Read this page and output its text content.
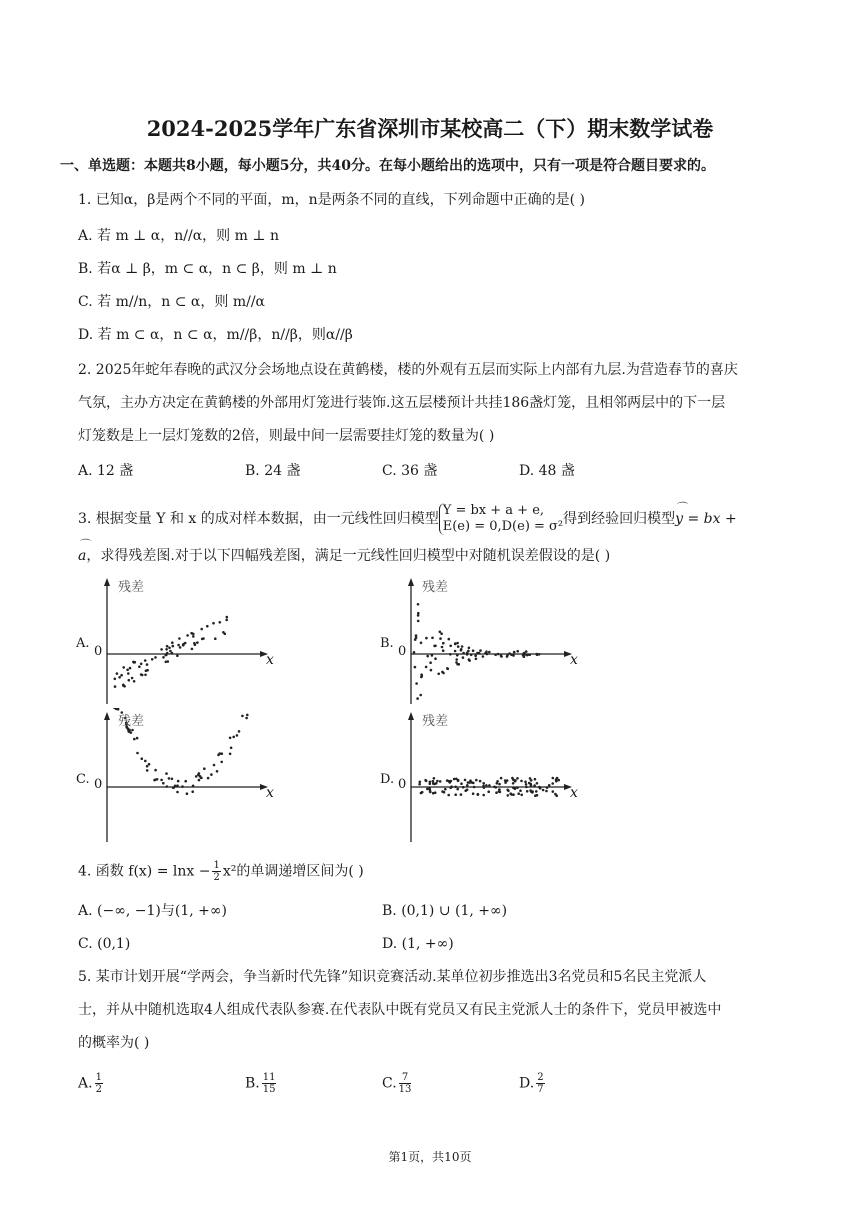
2024-2025学年广东省深圳市某校高二（下）期末数学试卷
一、单选题：本题共8小题，每小题5分，共40分。在每小题给出的选项中，只有一项是符合题目要求的。
1. 已知α，β是两个不同的平面，m，n是两条不同的直线，下列命题中正确的是( )
A. 若 m ⊥ α，n//α，则 m ⊥ n
B. 若α ⊥ β，m ⊂ α，n ⊂ β，则 m ⊥ n
C. 若 m//n，n ⊂ α，则 m//α
D. 若 m ⊂ α，n ⊂ α，m//β，n//β，则α//β
2. 2025年蛇年春晚的武汉分会场地点设在黄鹤楼，楼的外观有五层而实际上内部有九层.为营造春节的喜庆
气氛，主办方决定在黄鹤楼的外部用灯笼进行装饰.这五层楼预计共挂186盏灯笼，且相邻两层中的下一层
灯笼数是上一层灯笼数的2倍，则最中间一层需要挂灯笼的数量为( )
A. 12 盏	B. 24 盏	C. 36 盏	D. 48 盏
3. 根据变量 Y 和 x 的成对样本数据，由一元线性回归模型
Y = bx + a + e,
E(e) = 0,D(e) = σ² 得到经验回归模型⌒ y = bx +
⌒ a，求得残差图.对于以下四幅残差图，满足一元线性回归模型中对随机误差假设的是( )
残差
A.
0
x
残差
B.
0
x
残差
C. 0
x
残差
D. 0
x
4. 函数 $f(x) = \ln x - \frac{1}{2} x^2$的单调递增区间为( )
A. (−∞, −1)与(1, +∞)	B. (0,1) ∪ (1, +∞)
C. (0,1)	D. (1, +∞)
5. 某市计划开展“学两会，争当新时代先锋”知识竞赛活动.某单位初步推选出3名党员和5名民主党派人
士，并从中随机选取4人组成代表队参赛.在代表队中既有党员又有民主党派人士的条件下，党员甲被选中
的概率为( )
A. $\frac{1}{2}$	B. $\frac{11}{15}$	C. $\frac{7}{13}$	D. $\frac{2}{7}$
第1页，共10页
